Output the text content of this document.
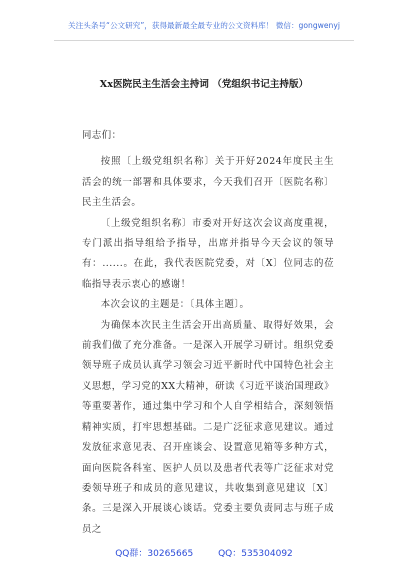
关注头条号“公文研究”，获得最新最全最专业的公文资料库！ 微信：gongwenyj
Xx医院民主生活会主持词 （党组织书记主持版）

同志们：

按照〔上级党组织名称〕关于开好2024年度民主生活会的统一部署和具体要求，今天我们召开〔医院名称〕民主生活会。

〔上级党组织名称〕市委对开好这次会议高度重视，专门派出指导组给予指导，出席并指导今天会议的领导有：......。在此，我代表医院党委，对〔X〕位同志的莅临指导表示衷心的感谢！

本次会议的主题是：〔具体主题〕。

为确保本次民主生活会开出高质量、取得好效果，会前我们做了充分准备。一是深入开展学习研讨。组织党委领导班子成员认真学习领会习近平新时代中国特色社会主义思想，学习党的XX大精神，研读《习近平谈治国理政》等重要著作，通过集中学习和个人自学相结合，深刻领悟精神实质，打牢思想基础。二是广泛征求意见建议。通过发放征求意见表、召开座谈会、设置意见箱等多种方式，面向医院各科室、医护人员以及患者代表等广泛征求对党委领导班子和成员的意见建议，共收集到意见建议〔X〕条。三是深入开展谈心谈话。党委主要负责同志与班子成员之

QQ群：30265665	QQ：535304092
